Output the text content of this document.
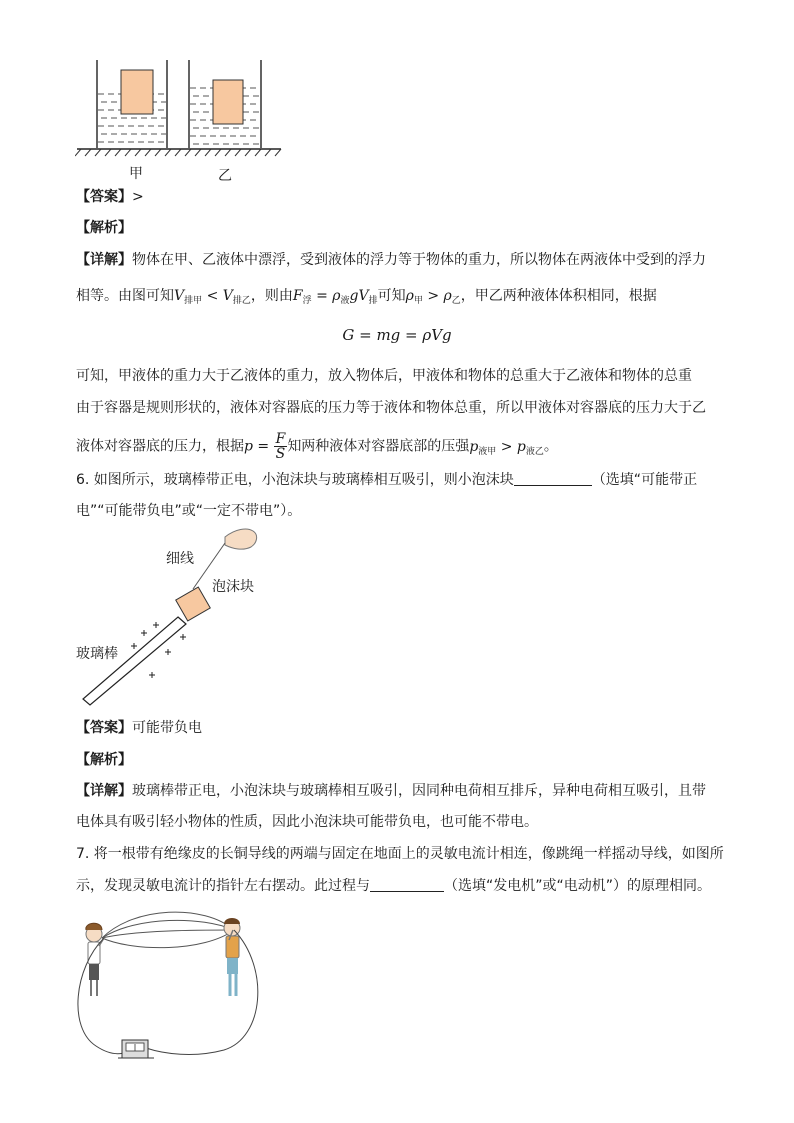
甲	乙
【答案】>
【解析】
【详解】物体在甲、乙液体中漂浮，受到液体的浮力等于物体的重力，所以物体在两液体中受到的浮力
相等。由图可知$V_{排甲} < V_{排乙}$，则由$F_浮 = \rho_液gV_排$可知$\rho_甲 > \rho_乙$，甲乙两种液体体积相同，根据
G = mg = ρVg
可知，甲液体的重力大于乙液体的重力，放入物体后，甲液体和物体的总重大于乙液体和物体的总重
由于容器是规则形状的，液体对容器底的压力等于液体和物体总重，所以甲液体对容器底的压力大于乙
液体对容器底的压力，根据$p = \frac{F}{S}$ 知两种液体对容器底部的压强$p_{液甲} > p_{液乙}$。
6. 如图所示，玻璃棒带正电，小泡沫块与玻璃棒相互吸引，则小泡沫块	（选填“可能带正
电”“可能带负电”或“一定不带电”）。
细线
泡沫块
玻璃棒
【答案】可能带负电
【解析】
【详解】玻璃棒带正电，小泡沫块与玻璃棒相互吸引，因同种电荷相互排斥，异种电荷相互吸引，且带
电体具有吸引轻小物体的性质，因此小泡沫块可能带负电，也可能不带电。
7. 将一根带有绝缘皮的长铜导线的两端与固定在地面上的灵敏电流计相连，像跳绳一样摇动导线，如图所
示，发现灵敏电流计的指针左右摆动。此过程与	（选填“发电机”或“电动机”）的原理相同。
